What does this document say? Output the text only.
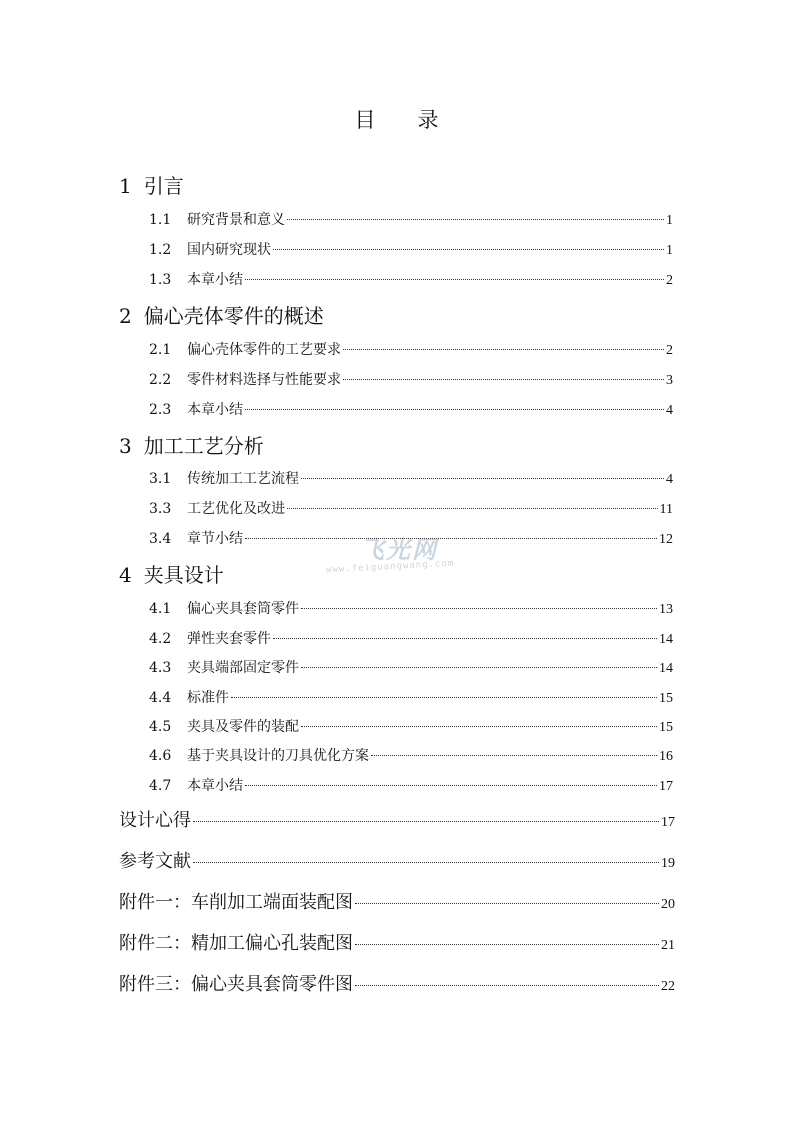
目 录
1 引言
1.1	研究背景和意义	1
1.2	国内研究现状	1
1.3	本章小结	2
2 偏心壳体零件的概述
2.1	偏心壳体零件的工艺要求	2
2.2	零件材料选择与性能要求	3
2.3	本章小结	4
3 加工工艺分析
3.1	传统加工工艺流程	4
3.3	工艺优化及改进	11
3.4	章节小结	12
4 夹具设计
4.1	偏心夹具套筒零件	13
4.2	弹性夹套零件	14
4.3	夹具端部固定零件	14
4.4	标准件	15
4.5	夹具及零件的装配	15
4.6	基于夹具设计的刀具优化方案	16
4.7	本章小结	17
设计心得	17
参考文献	19
附件一：车削加工端面装配图	20
附件二：精加工偏心孔装配图	21
附件三：偏心夹具套筒零件图	22
飞光网
www.feiguangwang.com
